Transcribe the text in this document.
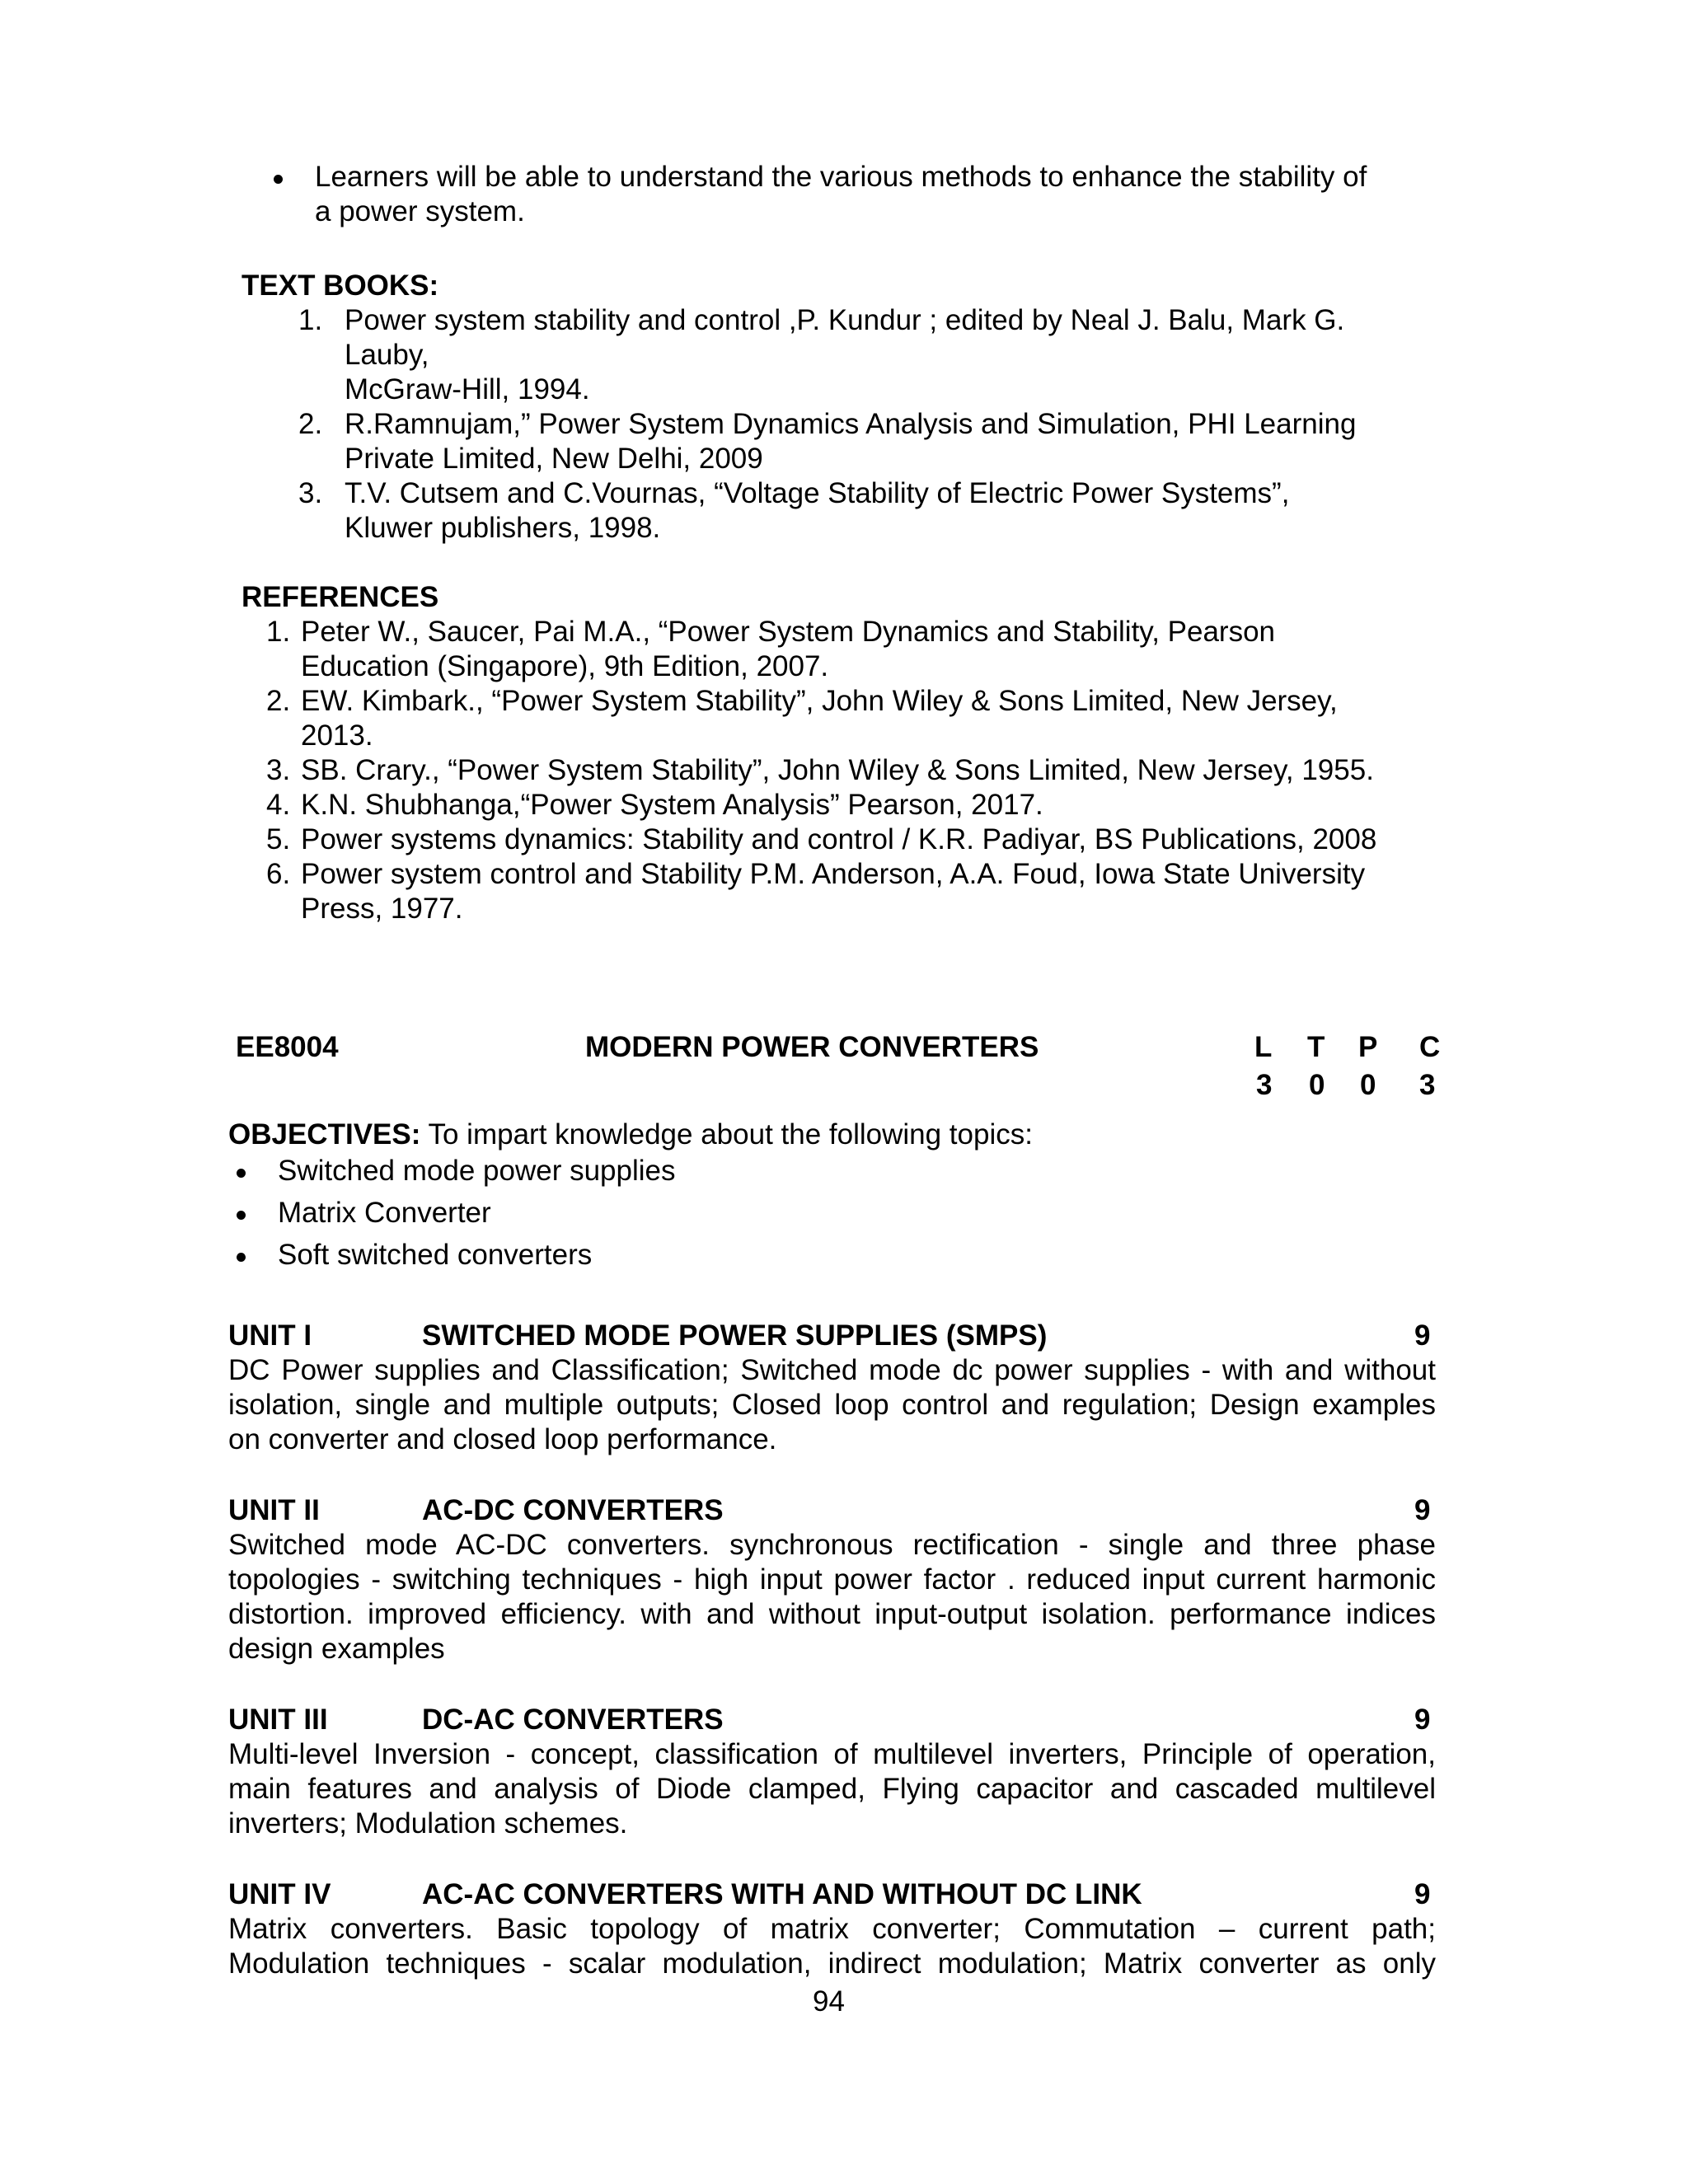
Learners will be able to understand the various methods to enhance the stability of
a power system.
TEXT BOOKS:
1. Power system stability and control ,P. Kundur ; edited by Neal J. Balu, Mark G.
Lauby,
McGraw-Hill, 1994.
2. R.Ramnujam,” Power System Dynamics Analysis and Simulation, PHI Learning
Private Limited, New Delhi, 2009
3. T.V. Cutsem and C.Vournas, “Voltage Stability of Electric Power Systems”,
Kluwer publishers, 1998.
REFERENCES
1. Peter W., Saucer, Pai M.A., “Power System Dynamics and Stability, Pearson
Education (Singapore), 9th Edition, 2007.
2. EW. Kimbark., “Power System Stability”, John Wiley & Sons Limited, New Jersey,
2013.
3. SB. Crary., “Power System Stability”, John Wiley & Sons Limited, New Jersey, 1955.
4. K.N. Shubhanga,“Power System Analysis” Pearson, 2017.
5. Power systems dynamics: Stability and control / K.R. Padiyar, BS Publications, 2008
6. Power system control and Stability P.M. Anderson, A.A. Foud, Iowa State University
Press, 1977.
EE8004	MODERN POWER CONVERTERS	L T P C
3 0 0 3
OBJECTIVES: To impart knowledge about the following topics:
Switched mode power supplies
Matrix Converter
Soft switched converters
UNIT I	SWITCHED MODE POWER SUPPLIES (SMPS)	9
DC Power supplies and Classification; Switched mode dc power supplies - with and without
isolation, single and multiple outputs; Closed loop control and regulation; Design examples
on converter and closed loop performance.
UNIT II	AC-DC CONVERTERS	9
Switched mode AC-DC converters. synchronous rectification - single and three phase
topologies - switching techniques - high input power factor . reduced input current harmonic
distortion. improved efficiency. with and without input-output isolation. performance indices
design examples
UNIT III	DC-AC CONVERTERS	9
Multi-level Inversion - concept, classification of multilevel inverters, Principle of operation,
main features and analysis of Diode clamped, Flying capacitor and cascaded multilevel
inverters; Modulation schemes.
UNIT IV	AC-AC CONVERTERS WITH AND WITHOUT DC LINK	9
Matrix converters. Basic topology of matrix converter; Commutation – current path;
Modulation techniques - scalar modulation, indirect modulation; Matrix converter as only
94
